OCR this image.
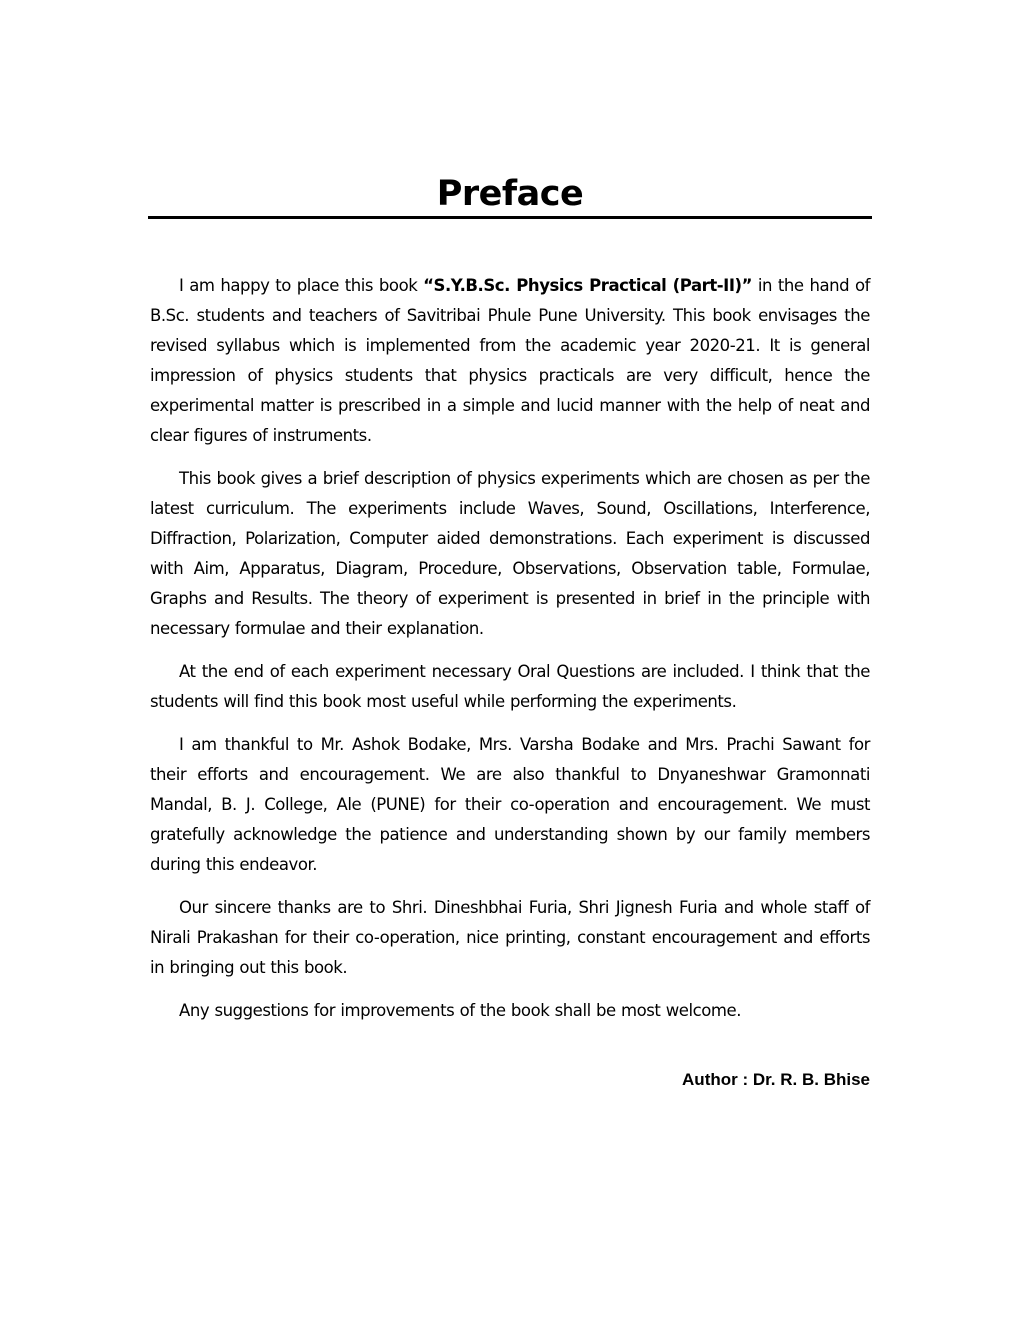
Preface

I am happy to place this book “S.Y.B.Sc. Physics Practical (Part-II)” in the hand of B.Sc. students and teachers of Savitribai Phule Pune University. This book envisages the revised syllabus which is implemented from the academic year 2020-21. It is general impression of physics students that physics practicals are very difficult, hence the experimental matter is prescribed in a simple and lucid manner with the help of neat and clear figures of instruments.

This book gives a brief description of physics experiments which are chosen as per the latest curriculum. The experiments include Waves, Sound, Oscillations, Interference, Diffraction, Polarization, Computer aided demonstrations. Each experiment is discussed with Aim, Apparatus, Diagram, Procedure, Observations, Observation table, Formulae, Graphs and Results. The theory of experiment is presented in brief in the principle with necessary formulae and their explanation.

At the end of each experiment necessary Oral Questions are included. I think that the students will find this book most useful while performing the experiments.

I am thankful to Mr. Ashok Bodake, Mrs. Varsha Bodake and Mrs. Prachi Sawant for their efforts and encouragement. We are also thankful to Dnyaneshwar Gramonnati Mandal, B. J. College, Ale (PUNE) for their co-operation and encouragement. We must gratefully acknowledge the patience and understanding shown by our family members during this endeavor.

Our sincere thanks are to Shri. Dineshbhai Furia, Shri Jignesh Furia and whole staff of Nirali Prakashan for their co-operation, nice printing, constant encouragement and efforts in bringing out this book.

Any suggestions for improvements of the book shall be most welcome.

Author : Dr. R. B. Bhise
